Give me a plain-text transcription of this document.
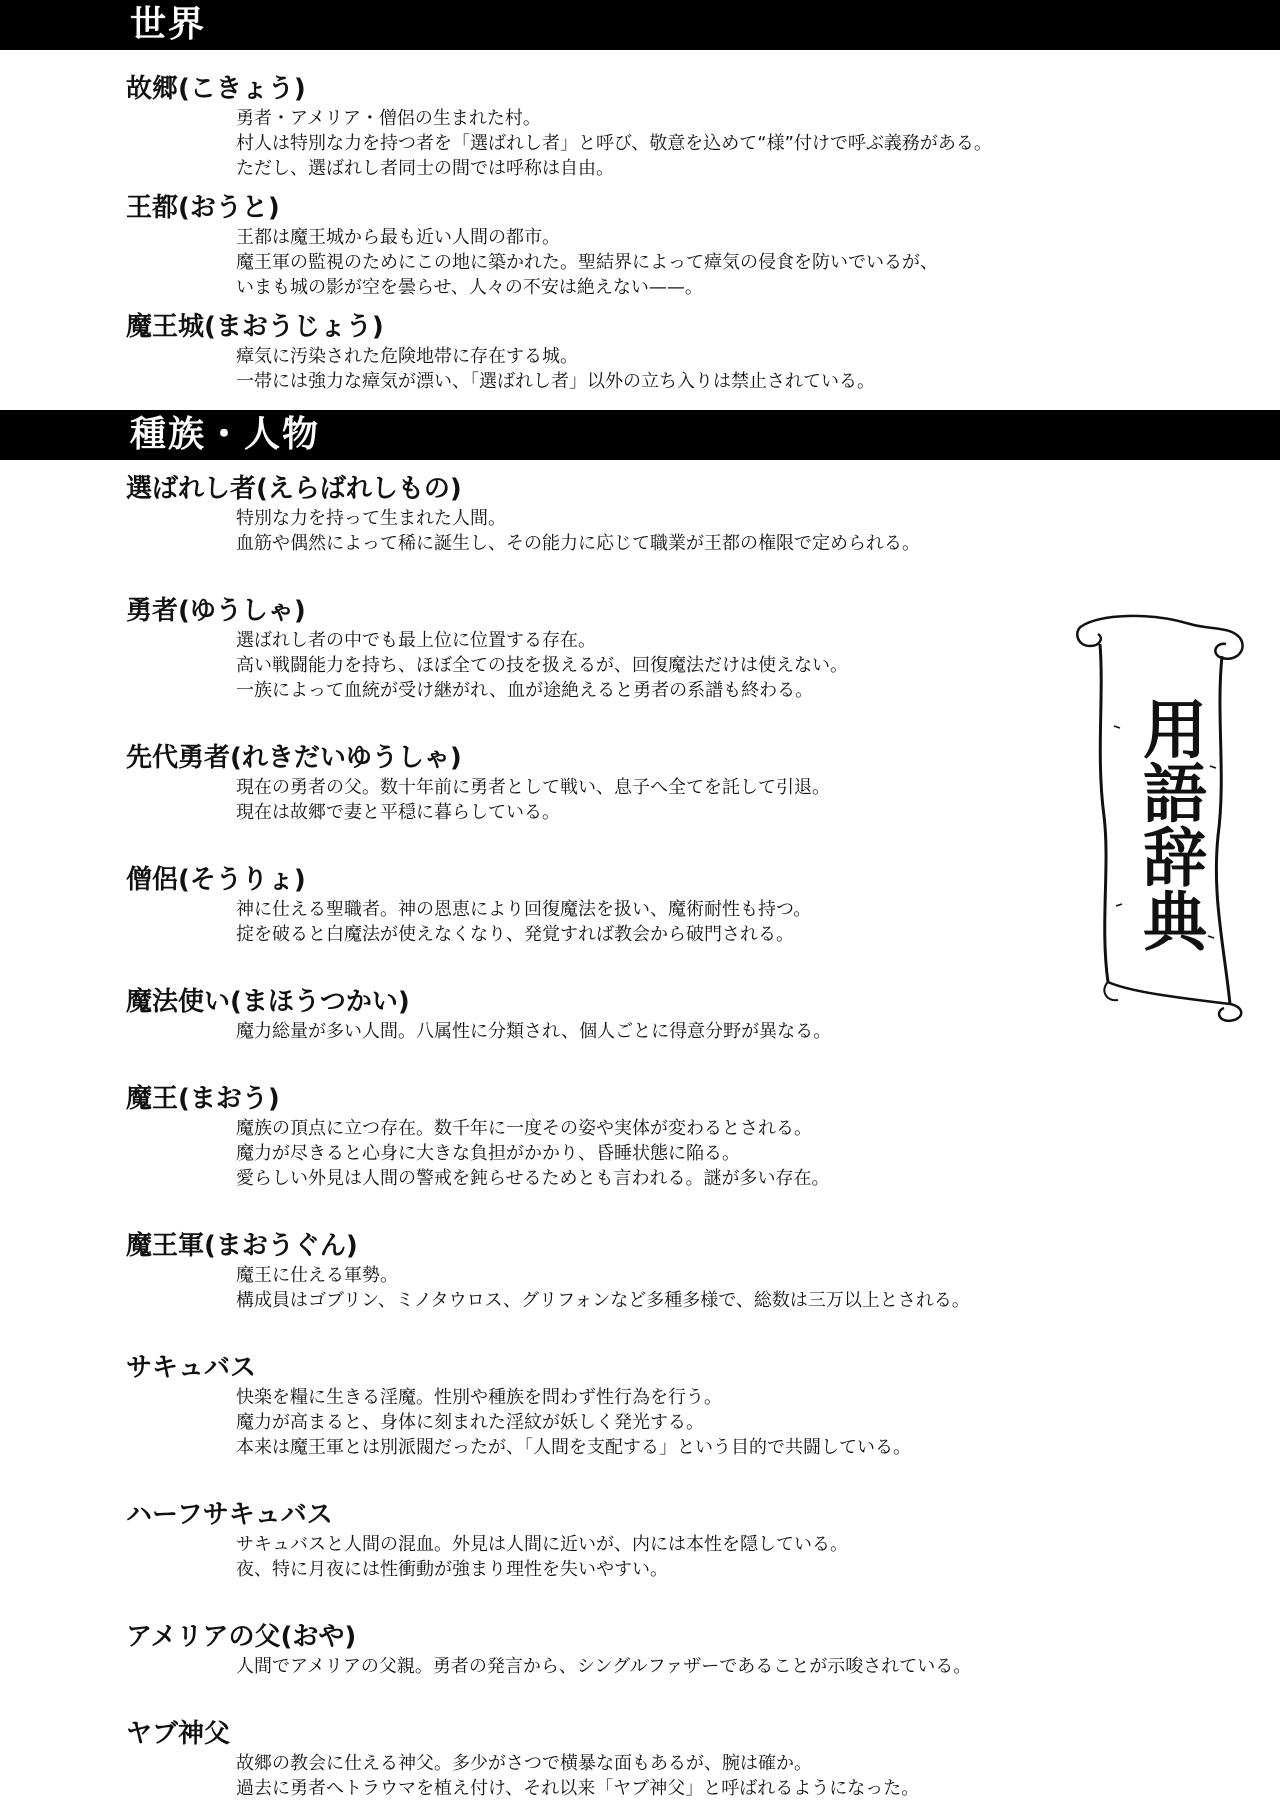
世界
故郷(こきょう)
勇者・アメリア・僧侶の生まれた村。
村人は特別な力を持つ者を「選ばれし者」と呼び、敬意を込めて“様”付けで呼ぶ義務がある。
ただし、選ばれし者同士の間では呼称は自由。
王都(おうと)
王都は魔王城から最も近い人間の都市。
魔王軍の監視のためにこの地に築かれた。聖結界によって瘴気の侵食を防いでいるが、
いまも城の影が空を曇らせ、人々の不安は絶えない——。
魔王城(まおうじょう)
瘴気に汚染された危険地帯に存在する城。
一帯には強力な瘴気が漂い、「選ばれし者」以外の立ち入りは禁止されている。
種族・人物
選ばれし者(えらばれしもの)
特別な力を持って生まれた人間。
血筋や偶然によって稀に誕生し、その能力に応じて職業が王都の権限で定められる。
勇者(ゆうしゃ)
選ばれし者の中でも最上位に位置する存在。
高い戦闘能力を持ち、ほぼ全ての技を扱えるが、回復魔法だけは使えない。
一族によって血統が受け継がれ、血が途絶えると勇者の系譜も終わる。
先代勇者(れきだいゆうしゃ)
現在の勇者の父。数十年前に勇者として戦い、息子へ全てを託して引退。
現在は故郷で妻と平穏に暮らしている。
僧侶(そうりょ)
神に仕える聖職者。神の恩恵により回復魔法を扱い、魔術耐性も持つ。
掟を破ると白魔法が使えなくなり、発覚すれば教会から破門される。
魔法使い(まほうつかい)
魔力総量が多い人間。八属性に分類され、個人ごとに得意分野が異なる。
魔王(まおう)
魔族の頂点に立つ存在。数千年に一度その姿や実体が変わるとされる。
魔力が尽きると心身に大きな負担がかかり、昏睡状態に陥る。
愛らしい外見は人間の警戒を鈍らせるためとも言われる。謎が多い存在。
魔王軍(まおうぐん)
魔王に仕える軍勢。
構成員はゴブリン、ミノタウロス、グリフォンなど多種多様で、総数は三万以上とされる。
サキュバス
快楽を糧に生きる淫魔。性別や種族を問わず性行為を行う。
魔力が高まると、身体に刻まれた淫紋が妖しく発光する。
本来は魔王軍とは別派閥だったが、「人間を支配する」という目的で共闘している。
ハーフサキュバス
サキュバスと人間の混血。外見は人間に近いが、内には本性を隠している。
夜、特に月夜には性衝動が強まり理性を失いやすい。
アメリアの父(おや)
人間でアメリアの父親。勇者の発言から、シングルファザーであることが示唆されている。
ヤブ神父
故郷の教会に仕える神父。多少がさつで横暴な面もあるが、腕は確か。
過去に勇者へトラウマを植え付け、それ以来「ヤブ神父」と呼ばれるようになった。
用語辞典
